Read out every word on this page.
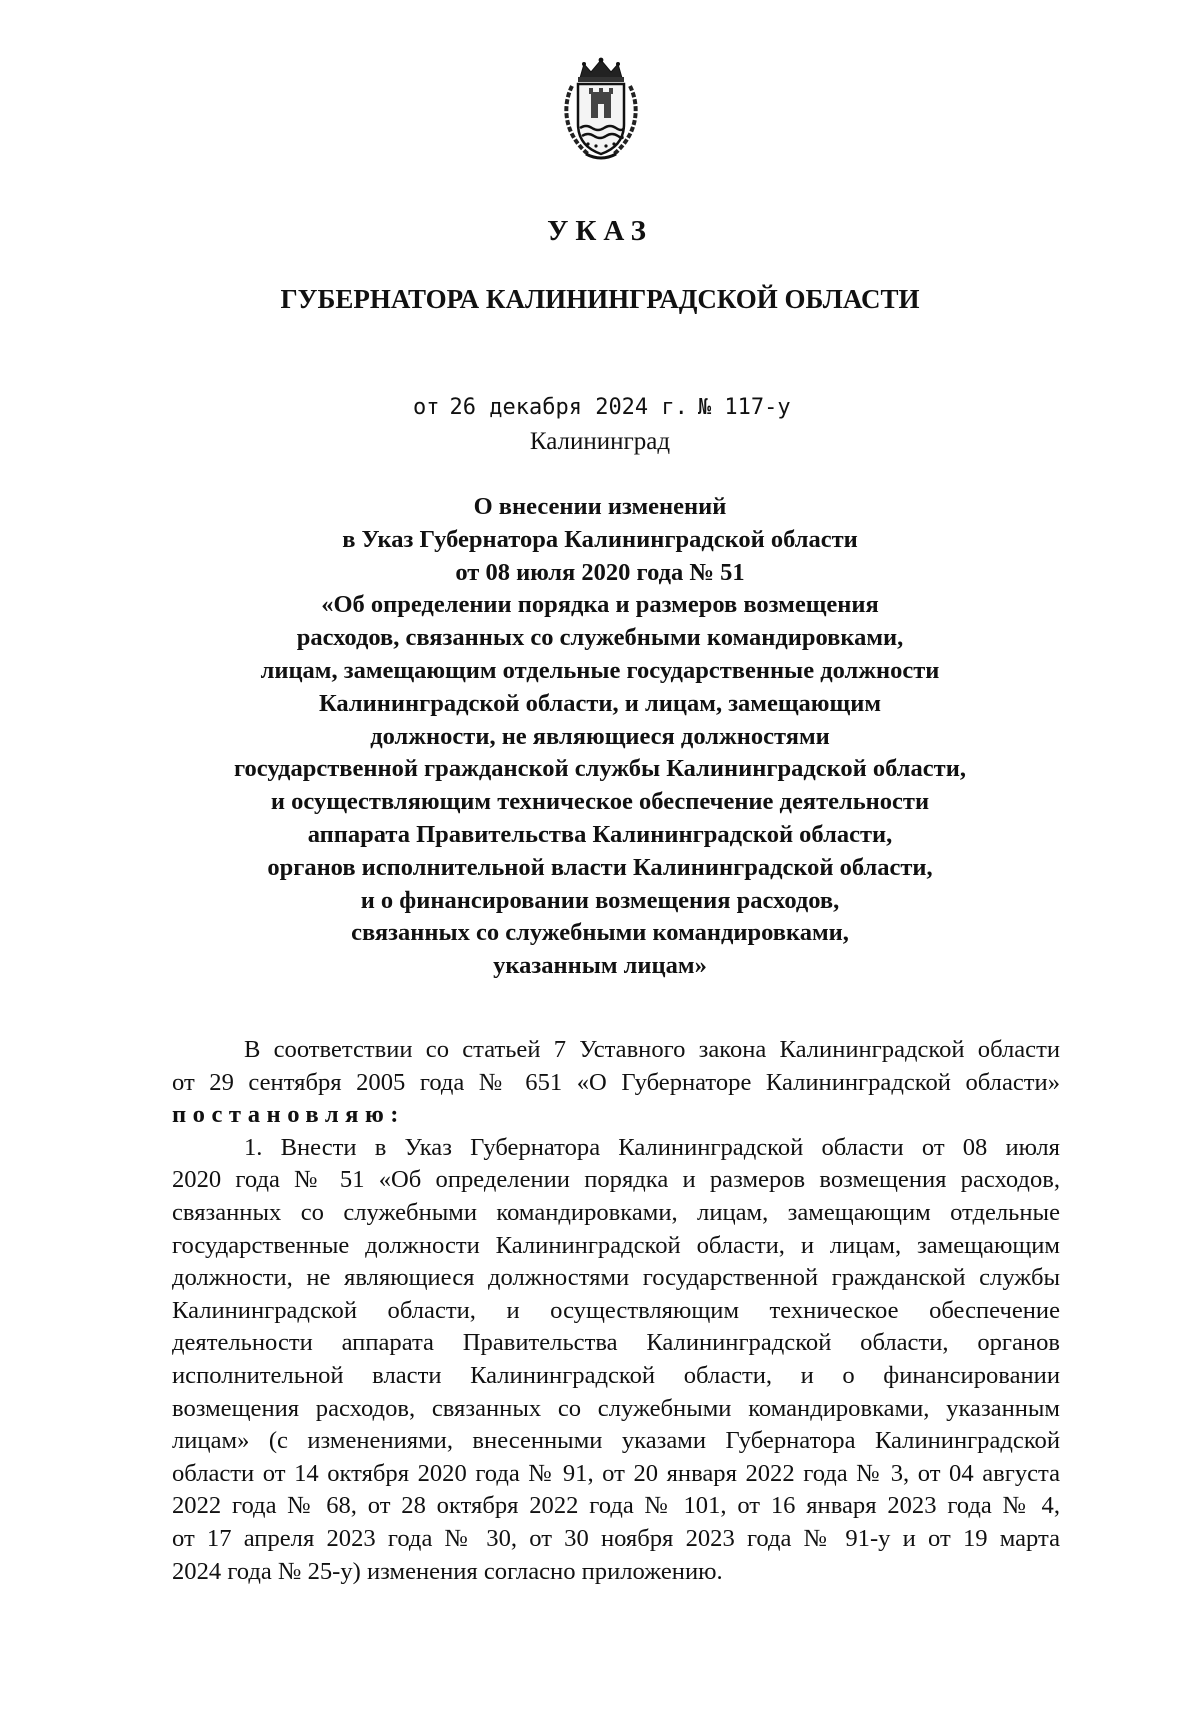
УКАЗ
ГУБЕРНАТОРА КАЛИНИНГРАДСКОЙ ОБЛАСТИ
от 26 декабря 2024 г. № 117-у
Калининград
О внесении изменений
в Указ Губернатора Калининградской области
от 08 июля 2020 года № 51
«Об определении порядка и размеров возмещения
расходов, связанных со служебными командировками,
лицам, замещающим отдельные государственные должности
Калининградской области, и лицам, замещающим
должности, не являющиеся должностями
государственной гражданской службы Калининградской области,
и осуществляющим техническое обеспечение деятельности
аппарата Правительства Калининградской области,
органов исполнительной власти Калининградской области,
и о финансировании возмещения расходов,
связанных со служебными командировками,
указанным лицам»
В соответствии со статьей 7 Уставного закона Калининградской области
от 29 сентября 2005 года № 651 «О Губернаторе Калининградской области»
постановляю:
1. Внести в Указ Губернатора Калининградской области от 08 июля
2020 года № 51 «Об определении порядка и размеров возмещения расходов,
связанных со служебными командировками, лицам, замещающим отдельные
государственные должности Калининградской области, и лицам, замещающим
должности, не являющиеся должностями государственной гражданской службы
Калининградской области, и осуществляющим техническое обеспечение
деятельности аппарата Правительства Калининградской области, органов
исполнительной власти Калининградской области, и о финансировании
возмещения расходов, связанных со служебными командировками, указанным
лицам» (с изменениями, внесенными указами Губернатора Калининградской
области от 14 октября 2020 года № 91, от 20 января 2022 года № 3, от 04 августа
2022 года № 68, от 28 октября 2022 года № 101, от 16 января 2023 года № 4,
от 17 апреля 2023 года № 30, от 30 ноября 2023 года № 91-у и от 19 марта
2024 года № 25-у) изменения согласно приложению.
